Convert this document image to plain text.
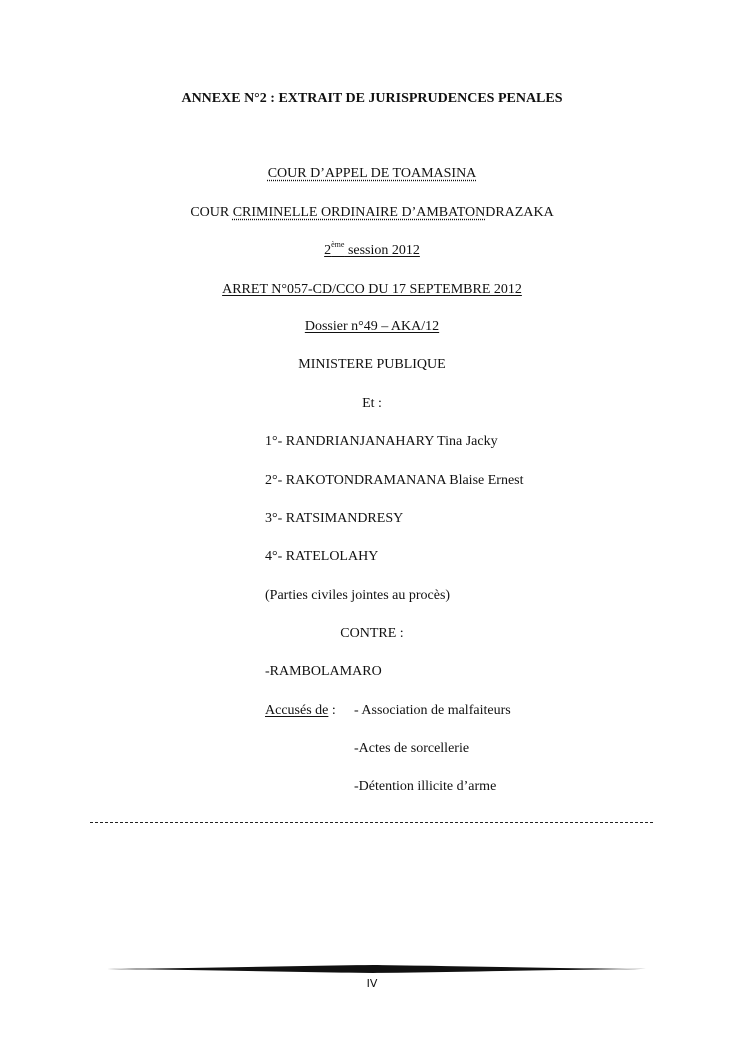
ANNEXE N°2 : EXTRAIT DE JURISPRUDENCES PENALES
COUR D’APPEL DE TOAMASINA
COUR CRIMINELLE ORDINAIRE D’AMBATONDRAZAKA
2ème session 2012
ARRET N°057-CD/CCO DU 17 SEPTEMBRE 2012
Dossier n°49 – AKA/12
MINISTERE PUBLIQUE
Et :
1°- RANDRIANJANAHARY Tina Jacky
2°- RAKOTONDRAMANANA Blaise Ernest
3°- RATSIMANDRESY
4°- RATELOLAHY
(Parties civiles jointes au procès)
CONTRE :
-RAMBOLAMARO
Accusés de : - Association de malfaiteurs
-Actes de sorcellerie
-Détention illicite d’arme
IV
